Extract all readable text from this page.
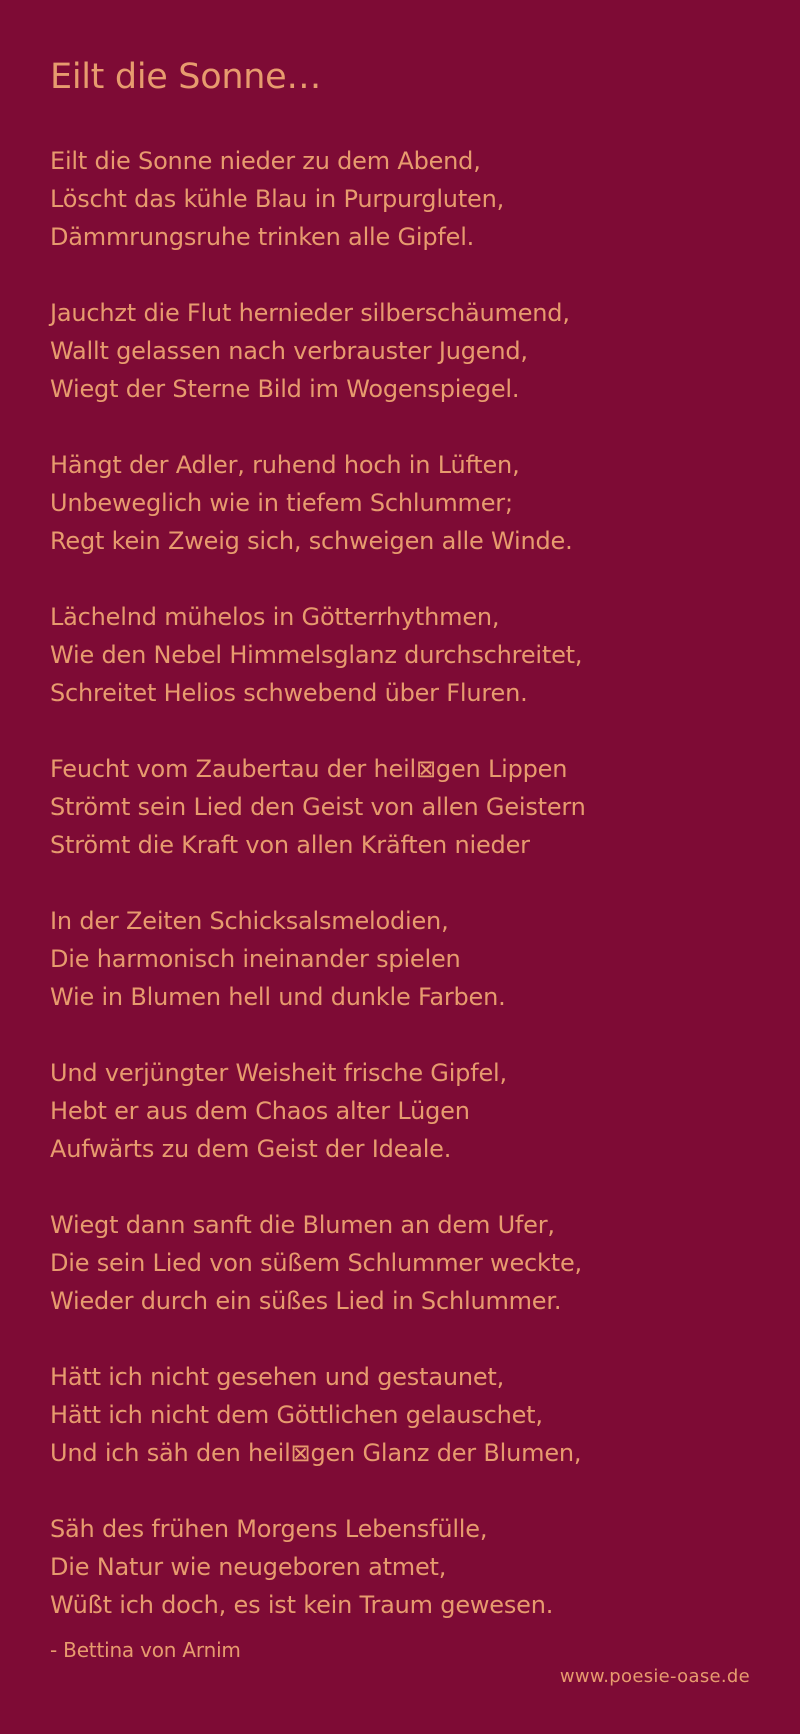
Eilt die Sonne…
Eilt die Sonne nieder zu dem Abend,
Löscht das kühle Blau in Purpurgluten,
Dämmrungsruhe trinken alle Gipfel.
Jauchzt die Flut hernieder silberschäumend,
Wallt gelassen nach verbrauster Jugend,
Wiegt der Sterne Bild im Wogenspiegel.
Hängt der Adler, ruhend hoch in Lüften,
Unbeweglich wie in tiefem Schlummer;
Regt kein Zweig sich, schweigen alle Winde.
Lächelnd mühelos in Götterrhythmen,
Wie den Nebel Himmelsglanz durchschreitet,
Schreitet Helios schwebend über Fluren.
Feucht vom Zaubertau der heil⊠gen Lippen
Strömt sein Lied den Geist von allen Geistern
Strömt die Kraft von allen Kräften nieder
In der Zeiten Schicksalsmelodien,
Die harmonisch ineinander spielen
Wie in Blumen hell und dunkle Farben.
Und verjüngter Weisheit frische Gipfel,
Hebt er aus dem Chaos alter Lügen
Aufwärts zu dem Geist der Ideale.
Wiegt dann sanft die Blumen an dem Ufer,
Die sein Lied von süßem Schlummer weckte,
Wieder durch ein süßes Lied in Schlummer.
Hätt ich nicht gesehen und gestaunet,
Hätt ich nicht dem Göttlichen gelauschet,
Und ich säh den heil⊠gen Glanz der Blumen,
Säh des frühen Morgens Lebensfülle,
Die Natur wie neugeboren atmet,
Wüßt ich doch, es ist kein Traum gewesen.
- Bettina von Arnim
www.poesie-oase.de
